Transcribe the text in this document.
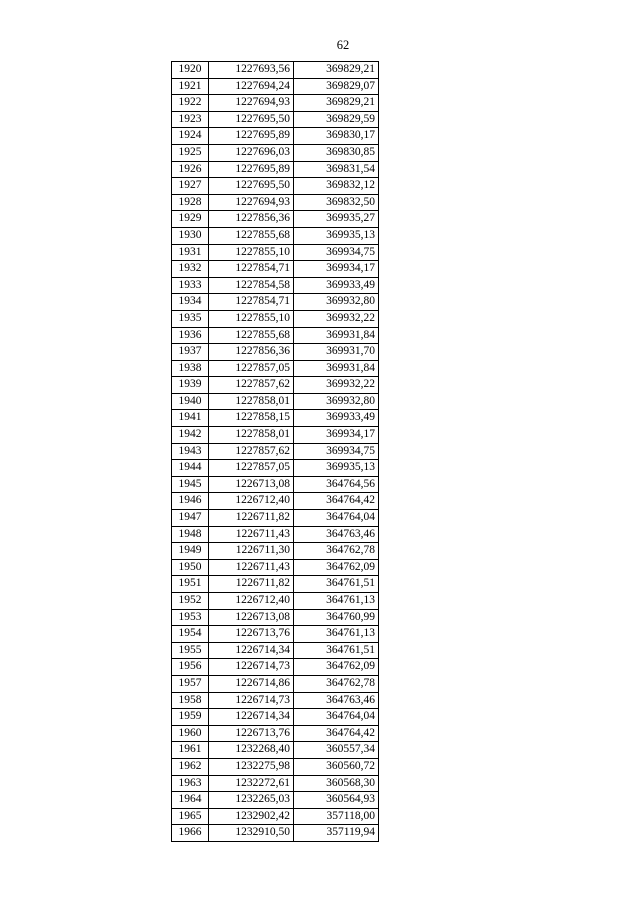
62
1920	1227693,56	369829,21
1921	1227694,24	369829,07
1922	1227694,93	369829,21
1923	1227695,50	369829,59
1924	1227695,89	369830,17
1925	1227696,03	369830,85
1926	1227695,89	369831,54
1927	1227695,50	369832,12
1928	1227694,93	369832,50
1929	1227856,36	369935,27
1930	1227855,68	369935,13
1931	1227855,10	369934,75
1932	1227854,71	369934,17
1933	1227854,58	369933,49
1934	1227854,71	369932,80
1935	1227855,10	369932,22
1936	1227855,68	369931,84
1937	1227856,36	369931,70
1938	1227857,05	369931,84
1939	1227857,62	369932,22
1940	1227858,01	369932,80
1941	1227858,15	369933,49
1942	1227858,01	369934,17
1943	1227857,62	369934,75
1944	1227857,05	369935,13
1945	1226713,08	364764,56
1946	1226712,40	364764,42
1947	1226711,82	364764,04
1948	1226711,43	364763,46
1949	1226711,30	364762,78
1950	1226711,43	364762,09
1951	1226711,82	364761,51
1952	1226712,40	364761,13
1953	1226713,08	364760,99
1954	1226713,76	364761,13
1955	1226714,34	364761,51
1956	1226714,73	364762,09
1957	1226714,86	364762,78
1958	1226714,73	364763,46
1959	1226714,34	364764,04
1960	1226713,76	364764,42
1961	1232268,40	360557,34
1962	1232275,98	360560,72
1963	1232272,61	360568,30
1964	1232265,03	360564,93
1965	1232902,42	357118,00
1966	1232910,50	357119,94
